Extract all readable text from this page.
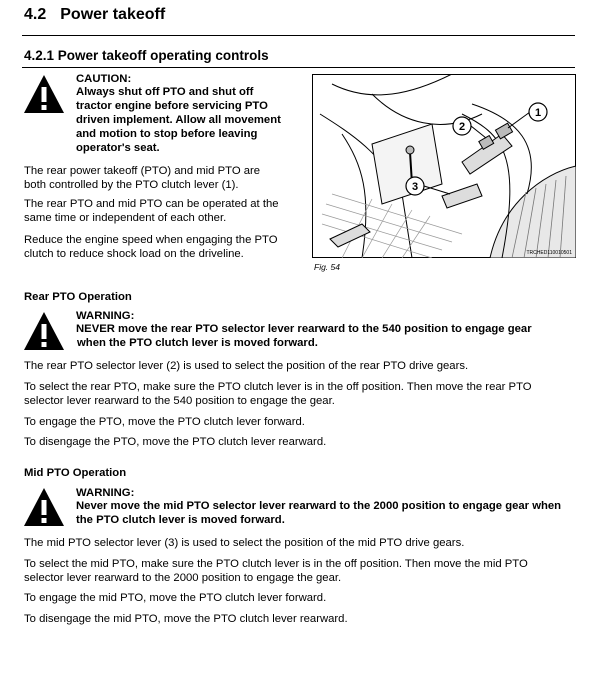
4.2 Power takeoff
4.2.1 Power takeoff operating controls
CAUTION:
Always shut off PTO and shut off
tractor engine before servicing PTO
driven implement. Allow all movement
and motion to stop before leaving
operator's seat.
The rear power takeoff (PTO) and mid PTO are
both controlled by the PTO clutch lever (1).
The rear PTO and mid PTO can be operated at the
same time or independent of each other.
Reduce the engine speed when engaging the PTO
clutch to reduce shock load on the driveline.
1
2
3
TRCHED110010501
Fig. 54
Rear PTO Operation
WARNING:
NEVER move the rear PTO selector lever rearward to the 540 position to engage gear
when the PTO clutch lever is moved forward.
The rear PTO selector lever (2) is used to select the position of the rear PTO drive gears.
To select the rear PTO, make sure the PTO clutch lever is in the off position. Then move the rear PTO
selector lever rearward to the 540 position to engage the gear.
To engage the PTO, move the PTO clutch lever forward.
To disengage the PTO, move the PTO clutch lever rearward.
Mid PTO Operation
WARNING:
Never move the mid PTO selector lever rearward to the 2000 position to engage gear when
the PTO clutch lever is moved forward.
The mid PTO selector lever (3) is used to select the position of the mid PTO drive gears.
To select the mid PTO, make sure the PTO clutch lever is in the off position. Then move the mid PTO
selector lever rearward to the 2000 position to engage the gear.
To engage the mid PTO, move the PTO clutch lever forward.
To disengage the mid PTO, move the PTO clutch lever rearward.
